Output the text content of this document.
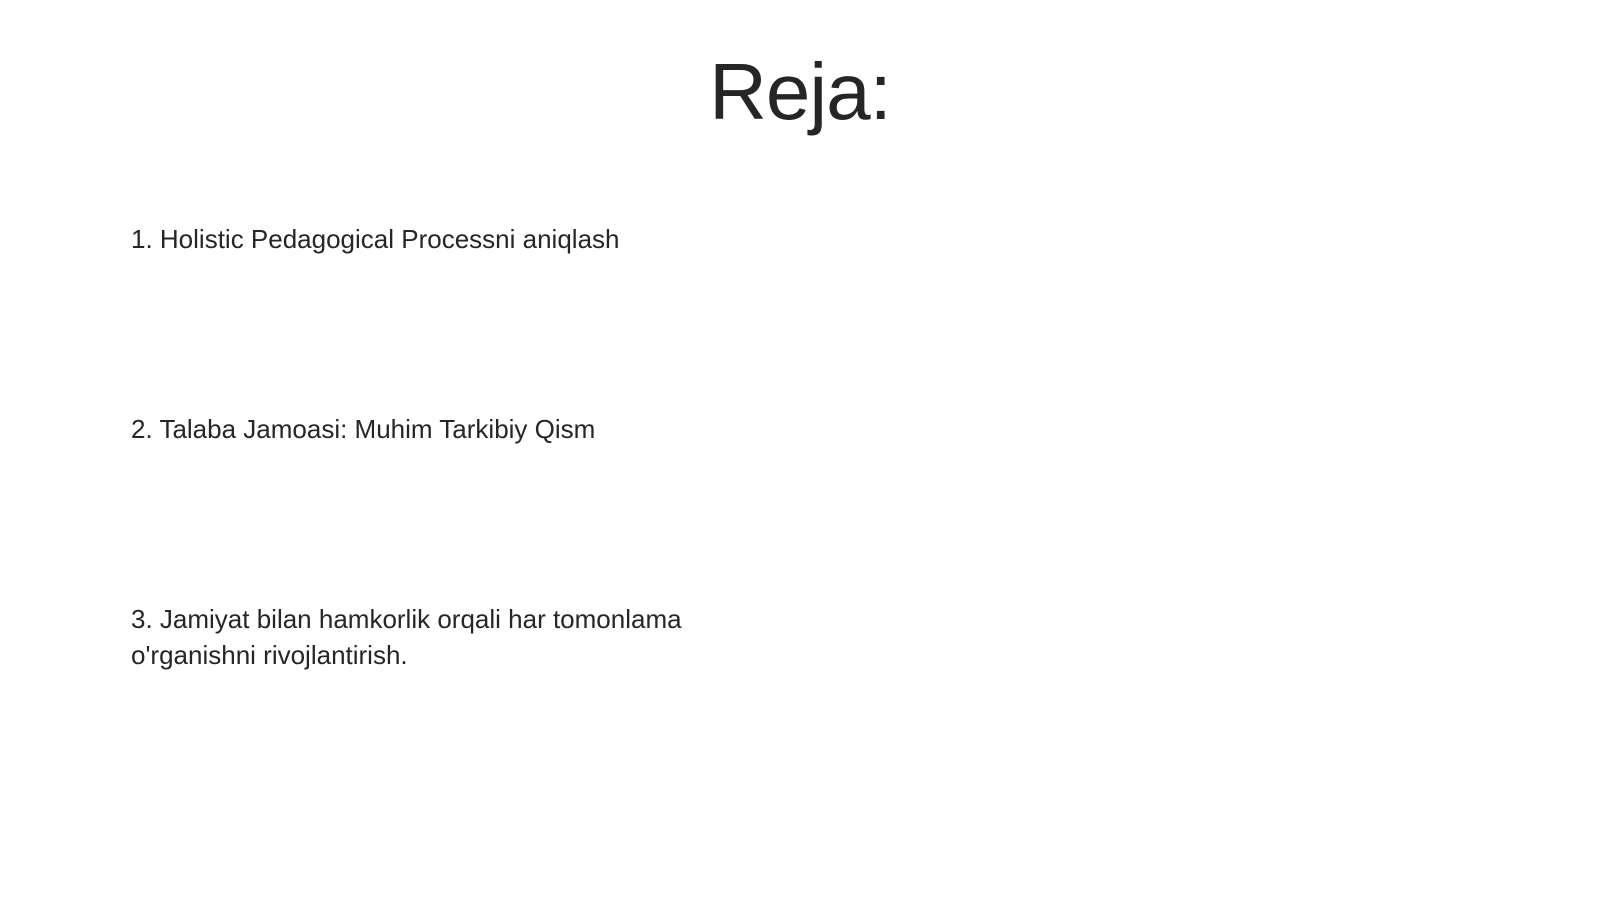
Reja:
1. Holistic Pedagogical Processni aniqlash
2. Talaba Jamoasi: Muhim Tarkibiy Qism
3. Jamiyat bilan hamkorlik orqali har tomonlama o'rganishni rivojlantirish.
